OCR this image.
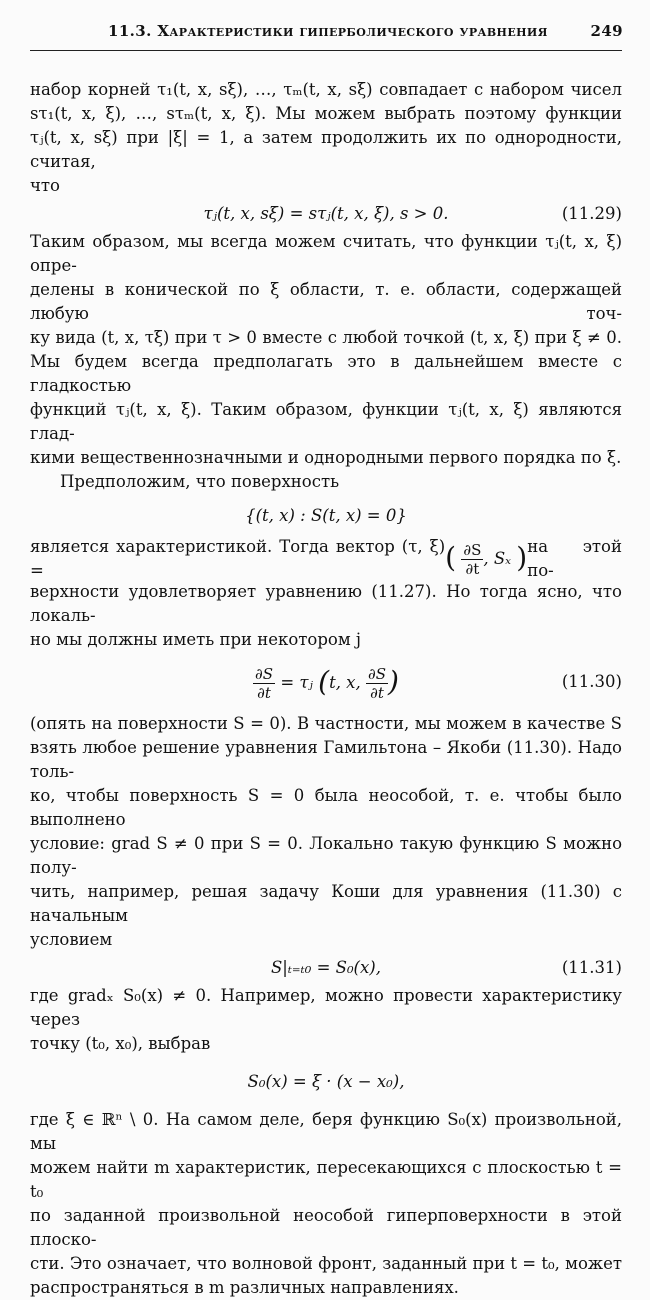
11.3. Характеристики гиперболического уравнения	249

набор корней τ₁(t, x, sξ), …, τₘ(t, x, sξ) совпадает с набором чисел

sτ₁(t, x, ξ), …, sτₘ(t, x, ξ). Мы можем выбрать поэтому функции

τⱼ(t, x, sξ) при |ξ| = 1, а затем продолжить их по однородности, считая,

что

τⱼ(t, x, sξ) = sτⱼ(t, x, ξ), s > 0.	(11.29)

Таким образом, мы всегда можем считать, что функции τⱼ(t, x, ξ) опре-

делены в конической по ξ области, т. е. области, содержащей любую точ-

ку вида (t, x, τξ) при τ > 0 вместе с любой точкой (t, x, ξ) при ξ ≠ 0.

Мы будем всегда предполагать это в дальнейшем вместе с гладкостью

функций τⱼ(t, x, ξ). Таким образом, функции τⱼ(t, x, ξ) являются глад-

кими вещественнозначными и однородными первого порядка по ξ.

Предположим, что поверхность

{(t, x) : S(t, x) = 0}

является характеристикой. Тогда вектор (τ, ξ) =	( $\frac{\partial S}{\partial t}$ , Sₓ ) на этой по-

верхности удовлетворяет уравнению (11.27). Но тогда ясно, что локаль-

но мы должны иметь при некотором j

$\frac{\partial S}{\partial t}$ = τⱼ (t, x, $\frac{\partial S}{\partial t}$ )	(11.30)

(опять на поверхности S = 0). В частности, мы можем в качестве S

взять любое решение уравнения Гамильтона – Якоби (11.30). Надо толь-

ко, чтобы поверхность S = 0 была неособой, т. е. чтобы было выполнено

условие: grad S ≠ 0 при S = 0. Локально такую функцию S можно полу-

чить, например, решая задачу Коши для уравнения (11.30) с начальным

условием

S|ₜ₌ₜ₀ = S₀(x),	(11.31)

где gradₓ S₀(x) ≠ 0. Например, можно провести характеристику через

точку (t₀, x₀), выбрав

S₀(x) = ξ · (x − x₀),

где ξ ∈ ℝⁿ \ 0. На самом деле, беря функцию S₀(x) произвольной, мы

можем найти m характеристик, пересекающихся с плоскостью t = t₀

по заданной произвольной неособой гиперповерхности в этой плоско-

сти. Это означает, что волновой фронт, заданный при t = t₀, может

распространяться в m различных направлениях.
